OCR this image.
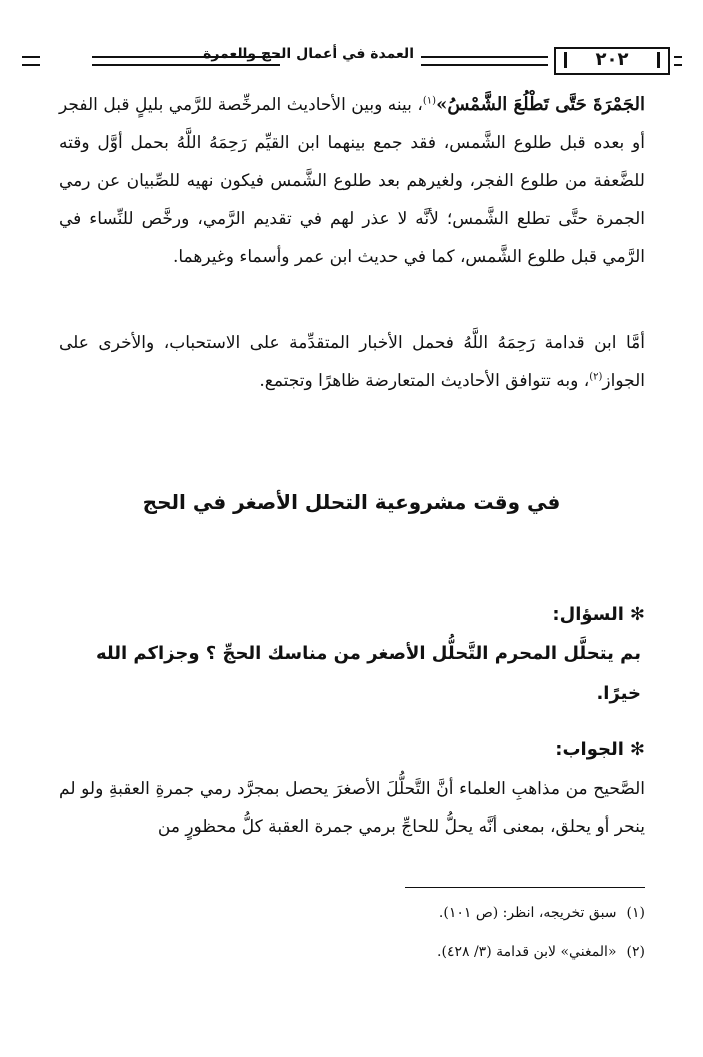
٢٠٢
العمدة في أعمال الحج والعمرة

الجَمْرَةَ حَتَّى تَطْلُعَ الشَّمْسُ»$^{(١)}$، بينه وبين الأحاديث المرخِّصة للرَّمي بليلٍ قبل الفجر أو بعده قبل طلوع الشَّمس، فقد جمع بينهما ابن القيِّم رَحِمَهُ اللَّهُ بحمل أوَّل وقته للضَّعفة من طلوع الفجر، ولغيرهم بعد طلوع الشَّمس فيكون نهيه للصِّبيان عن رمي الجمرة حتَّى تطلع الشَّمس؛ لأنَّه لا عذر لهم في تقديم الرَّمي، ورخَّص للنِّساء في الرَّمي قبل طلوع الشَّمس، كما في حديث ابن عمر وأسماء وغيرهما.

أمَّا ابن قدامة رَحِمَهُ اللَّهُ فحمل الأخبار المتقدِّمة على الاستحباب، والأخرى على الجواز$^{(٢)}$، وبه تتوافق الأحاديث المتعارضة ظاهرًا وتجتمع.

في وقت مشروعية التحلل الأصغر في الحج
✻السؤال:
بم يتحلَّل المحرم التَّحلُّل الأصغر من مناسك الحجِّ ؟ وجزاكم الله خيرًا.
✻الجواب:

الصَّحيح من مذاهبِ العلماء أنَّ التَّحلُّلَ الأصغرَ يحصل بمجرَّد رمي جمرةِ العقبةِ ولو لم ينحر أو يحلق، بمعنى أنَّه يحلُّ للحاجِّ برمي جمرة العقبة كلُّ محظورٍ من

(١)سبق تخريجه، انظر: (ص ١٠١).
(٢)«المغني» لابن قدامة (٣/ ٤٢٨).
